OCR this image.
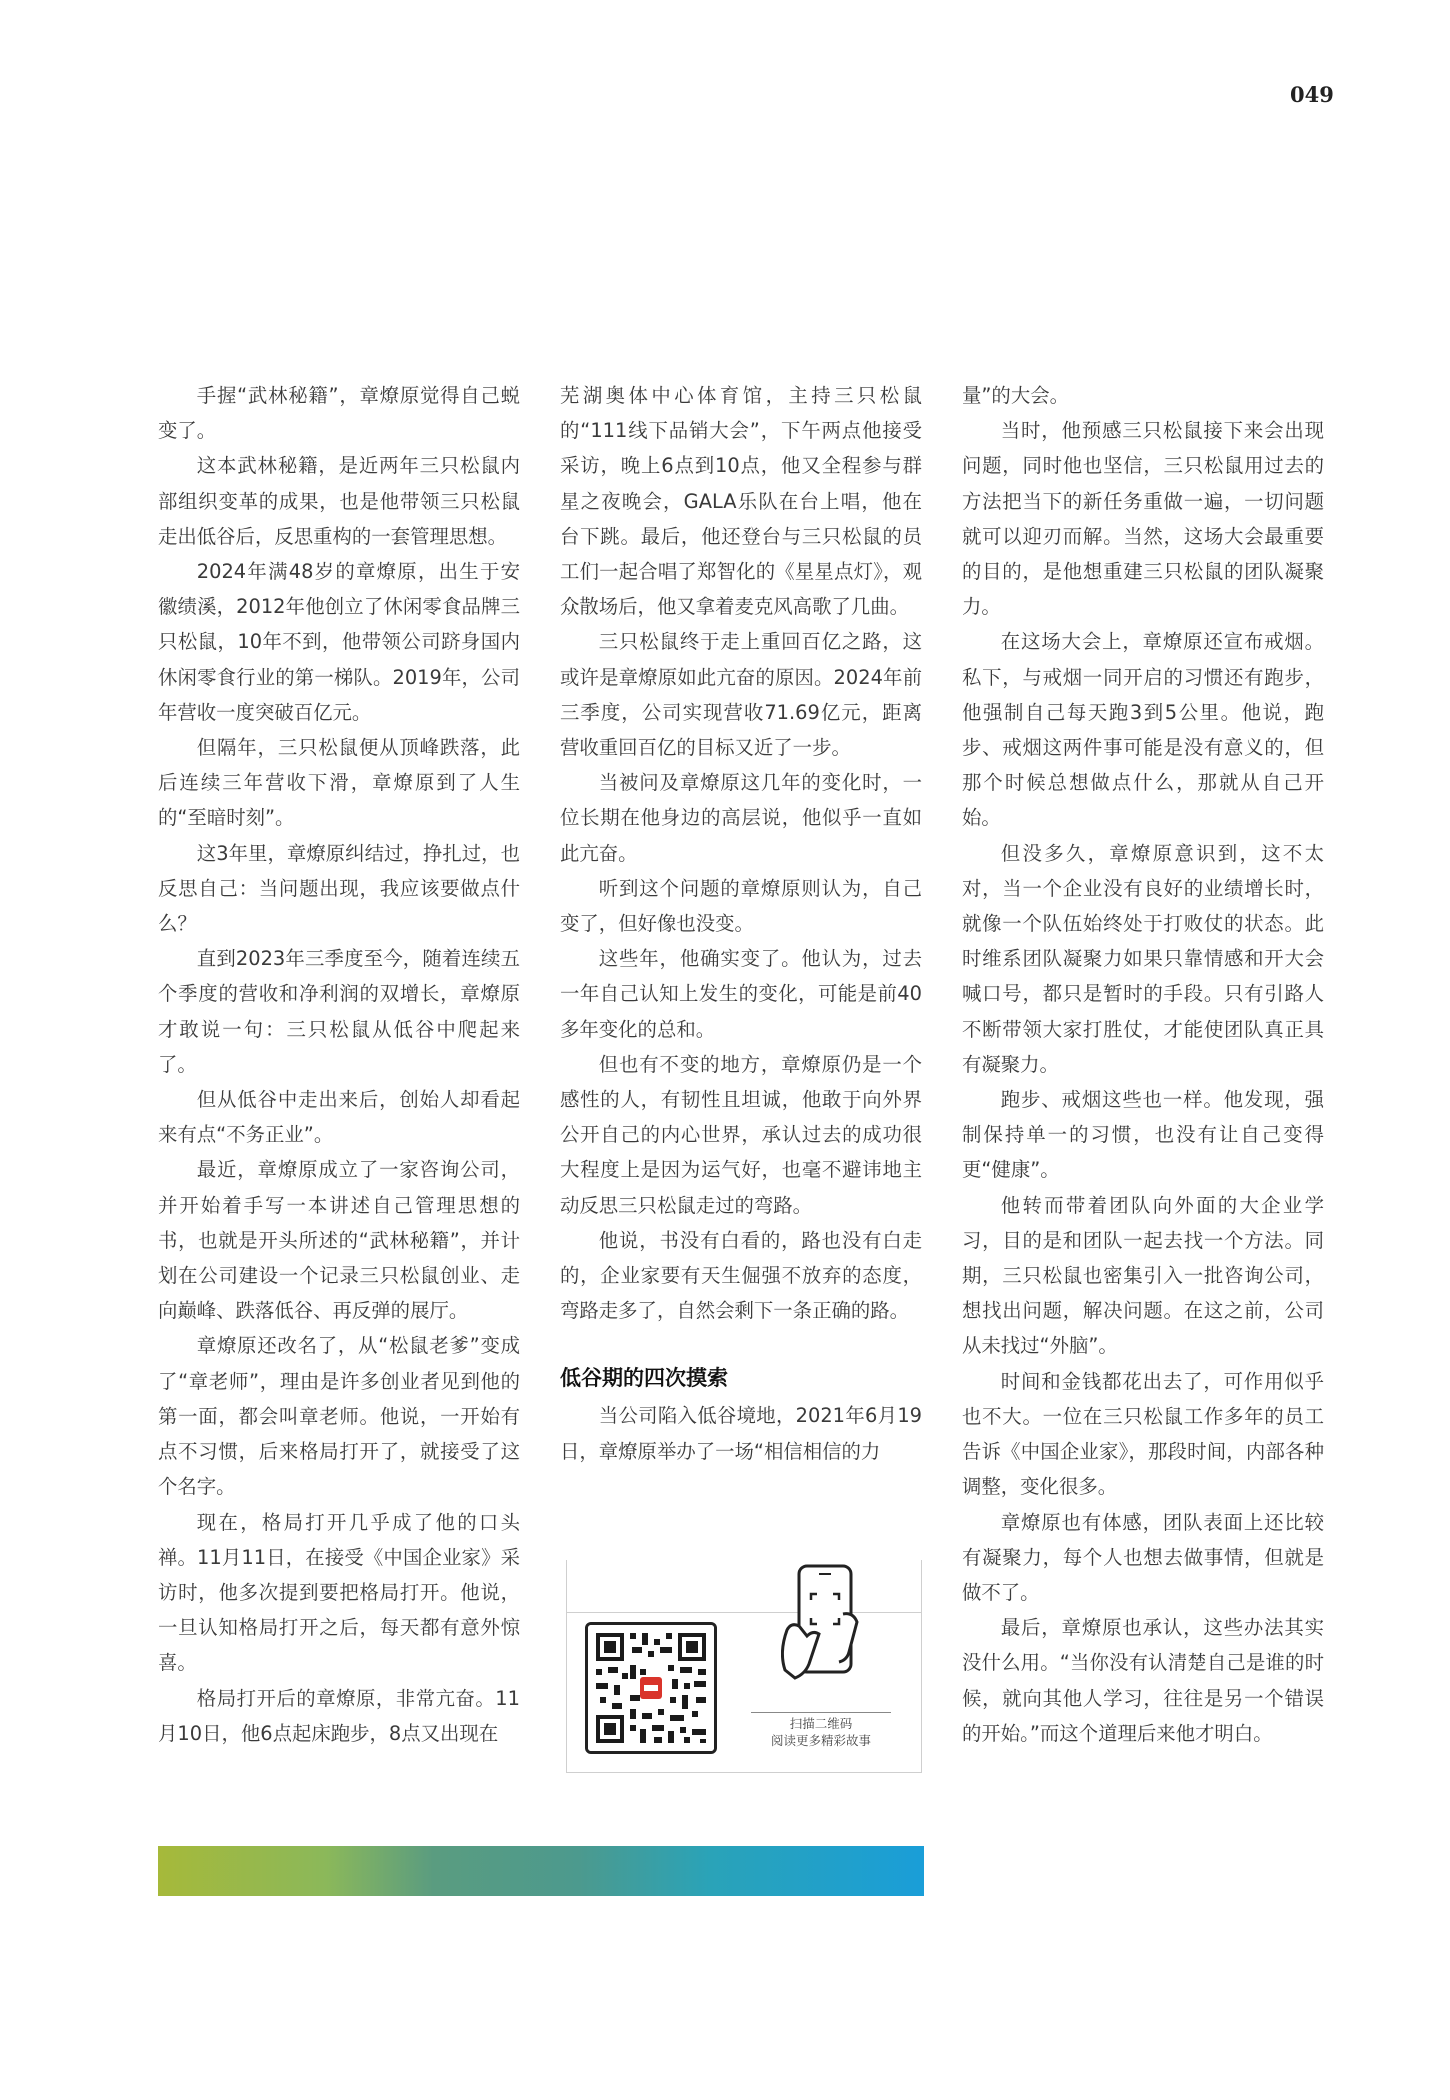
049

手握“武林秘籍”，章燎原觉得自己蜕变了。

这本武林秘籍，是近两年三只松鼠内部组织变革的成果，也是他带领三只松鼠走出低谷后，反思重构的一套管理思想。

2024年满48岁的章燎原，出生于安徽绩溪，2012年他创立了休闲零食品牌三只松鼠，10年不到，他带领公司跻身国内休闲零食行业的第一梯队。2019年，公司年营收一度突破百亿元。

但隔年，三只松鼠便从顶峰跌落，此后连续三年营收下滑，章燎原到了人生的“至暗时刻”。

这3年里，章燎原纠结过，挣扎过，也反思自己：当问题出现，我应该要做点什么？

直到2023年三季度至今，随着连续五个季度的营收和净利润的双增长，章燎原才敢说一句：三只松鼠从低谷中爬起来了。

但从低谷中走出来后，创始人却看起来有点“不务正业”。

最近，章燎原成立了一家咨询公司，并开始着手写一本讲述自己管理思想的书，也就是开头所述的“武林秘籍”，并计划在公司建设一个记录三只松鼠创业、走向巅峰、跌落低谷、再反弹的展厅。

章燎原还改名了，从“松鼠老爹”变成了“章老师”，理由是许多创业者见到他的第一面，都会叫章老师。他说，一开始有点不习惯，后来格局打开了，就接受了这个名字。

现在，格局打开几乎成了他的口头禅。11月11日，在接受《中国企业家》采访时，他多次提到要把格局打开。他说，一旦认知格局打开之后，每天都有意外惊喜。

格局打开后的章燎原，非常亢奋。11月10日，他6点起床跑步，8点又出现在

芜湖奥体中心体育馆，主持三只松鼠的“111线下品销大会”，下午两点他接受采访，晚上6点到10点，他又全程参与群星之夜晚会，GALA乐队在台上唱，他在台下跳。最后，他还登台与三只松鼠的员工们一起合唱了郑智化的《星星点灯》，观众散场后，他又拿着麦克风高歌了几曲。

三只松鼠终于走上重回百亿之路，这或许是章燎原如此亢奋的原因。2024年前三季度，公司实现营收71.69亿元，距离营收重回百亿的目标又近了一步。

当被问及章燎原这几年的变化时，一位长期在他身边的高层说，他似乎一直如此亢奋。

听到这个问题的章燎原则认为，自己变了，但好像也没变。

这些年，他确实变了。他认为，过去一年自己认知上发生的变化，可能是前40多年变化的总和。

但也有不变的地方，章燎原仍是一个感性的人，有韧性且坦诚，他敢于向外界公开自己的内心世界，承认过去的成功很大程度上是因为运气好，也毫不避讳地主动反思三只松鼠走过的弯路。

他说，书没有白看的，路也没有白走的，企业家要有天生倔强不放弃的态度，弯路走多了，自然会剩下一条正确的路。

低谷期的四次摸索

当公司陷入低谷境地，2021年6月19日，章燎原举办了一场“相信相信的力

量”的大会。

当时，他预感三只松鼠接下来会出现问题，同时他也坚信，三只松鼠用过去的方法把当下的新任务重做一遍，一切问题就可以迎刃而解。当然，这场大会最重要的目的，是他想重建三只松鼠的团队凝聚力。

在这场大会上，章燎原还宣布戒烟。私下，与戒烟一同开启的习惯还有跑步，他强制自己每天跑3到5公里。他说，跑步、戒烟这两件事可能是没有意义的，但那个时候总想做点什么，那就从自己开始。

但没多久，章燎原意识到，这不太对，当一个企业没有良好的业绩增长时，就像一个队伍始终处于打败仗的状态。此时维系团队凝聚力如果只靠情感和开大会喊口号，都只是暂时的手段。只有引路人不断带领大家打胜仗，才能使团队真正具有凝聚力。

跑步、戒烟这些也一样。他发现，强制保持单一的习惯，也没有让自己变得更“健康”。

他转而带着团队向外面的大企业学习，目的是和团队一起去找一个方法。同期，三只松鼠也密集引入一批咨询公司，想找出问题，解决问题。在这之前，公司从未找过“外脑”。

时间和金钱都花出去了，可作用似乎也不大。一位在三只松鼠工作多年的员工告诉《中国企业家》，那段时间，内部各种调整，变化很多。

章燎原也有体感，团队表面上还比较有凝聚力，每个人也想去做事情，但就是做不了。

最后，章燎原也承认，这些办法其实没什么用。“当你没有认清楚自己是谁的时候，就向其他人学习，往往是另一个错误的开始。”而这个道理后来他才明白。

扫描二维码
阅读更多精彩故事
